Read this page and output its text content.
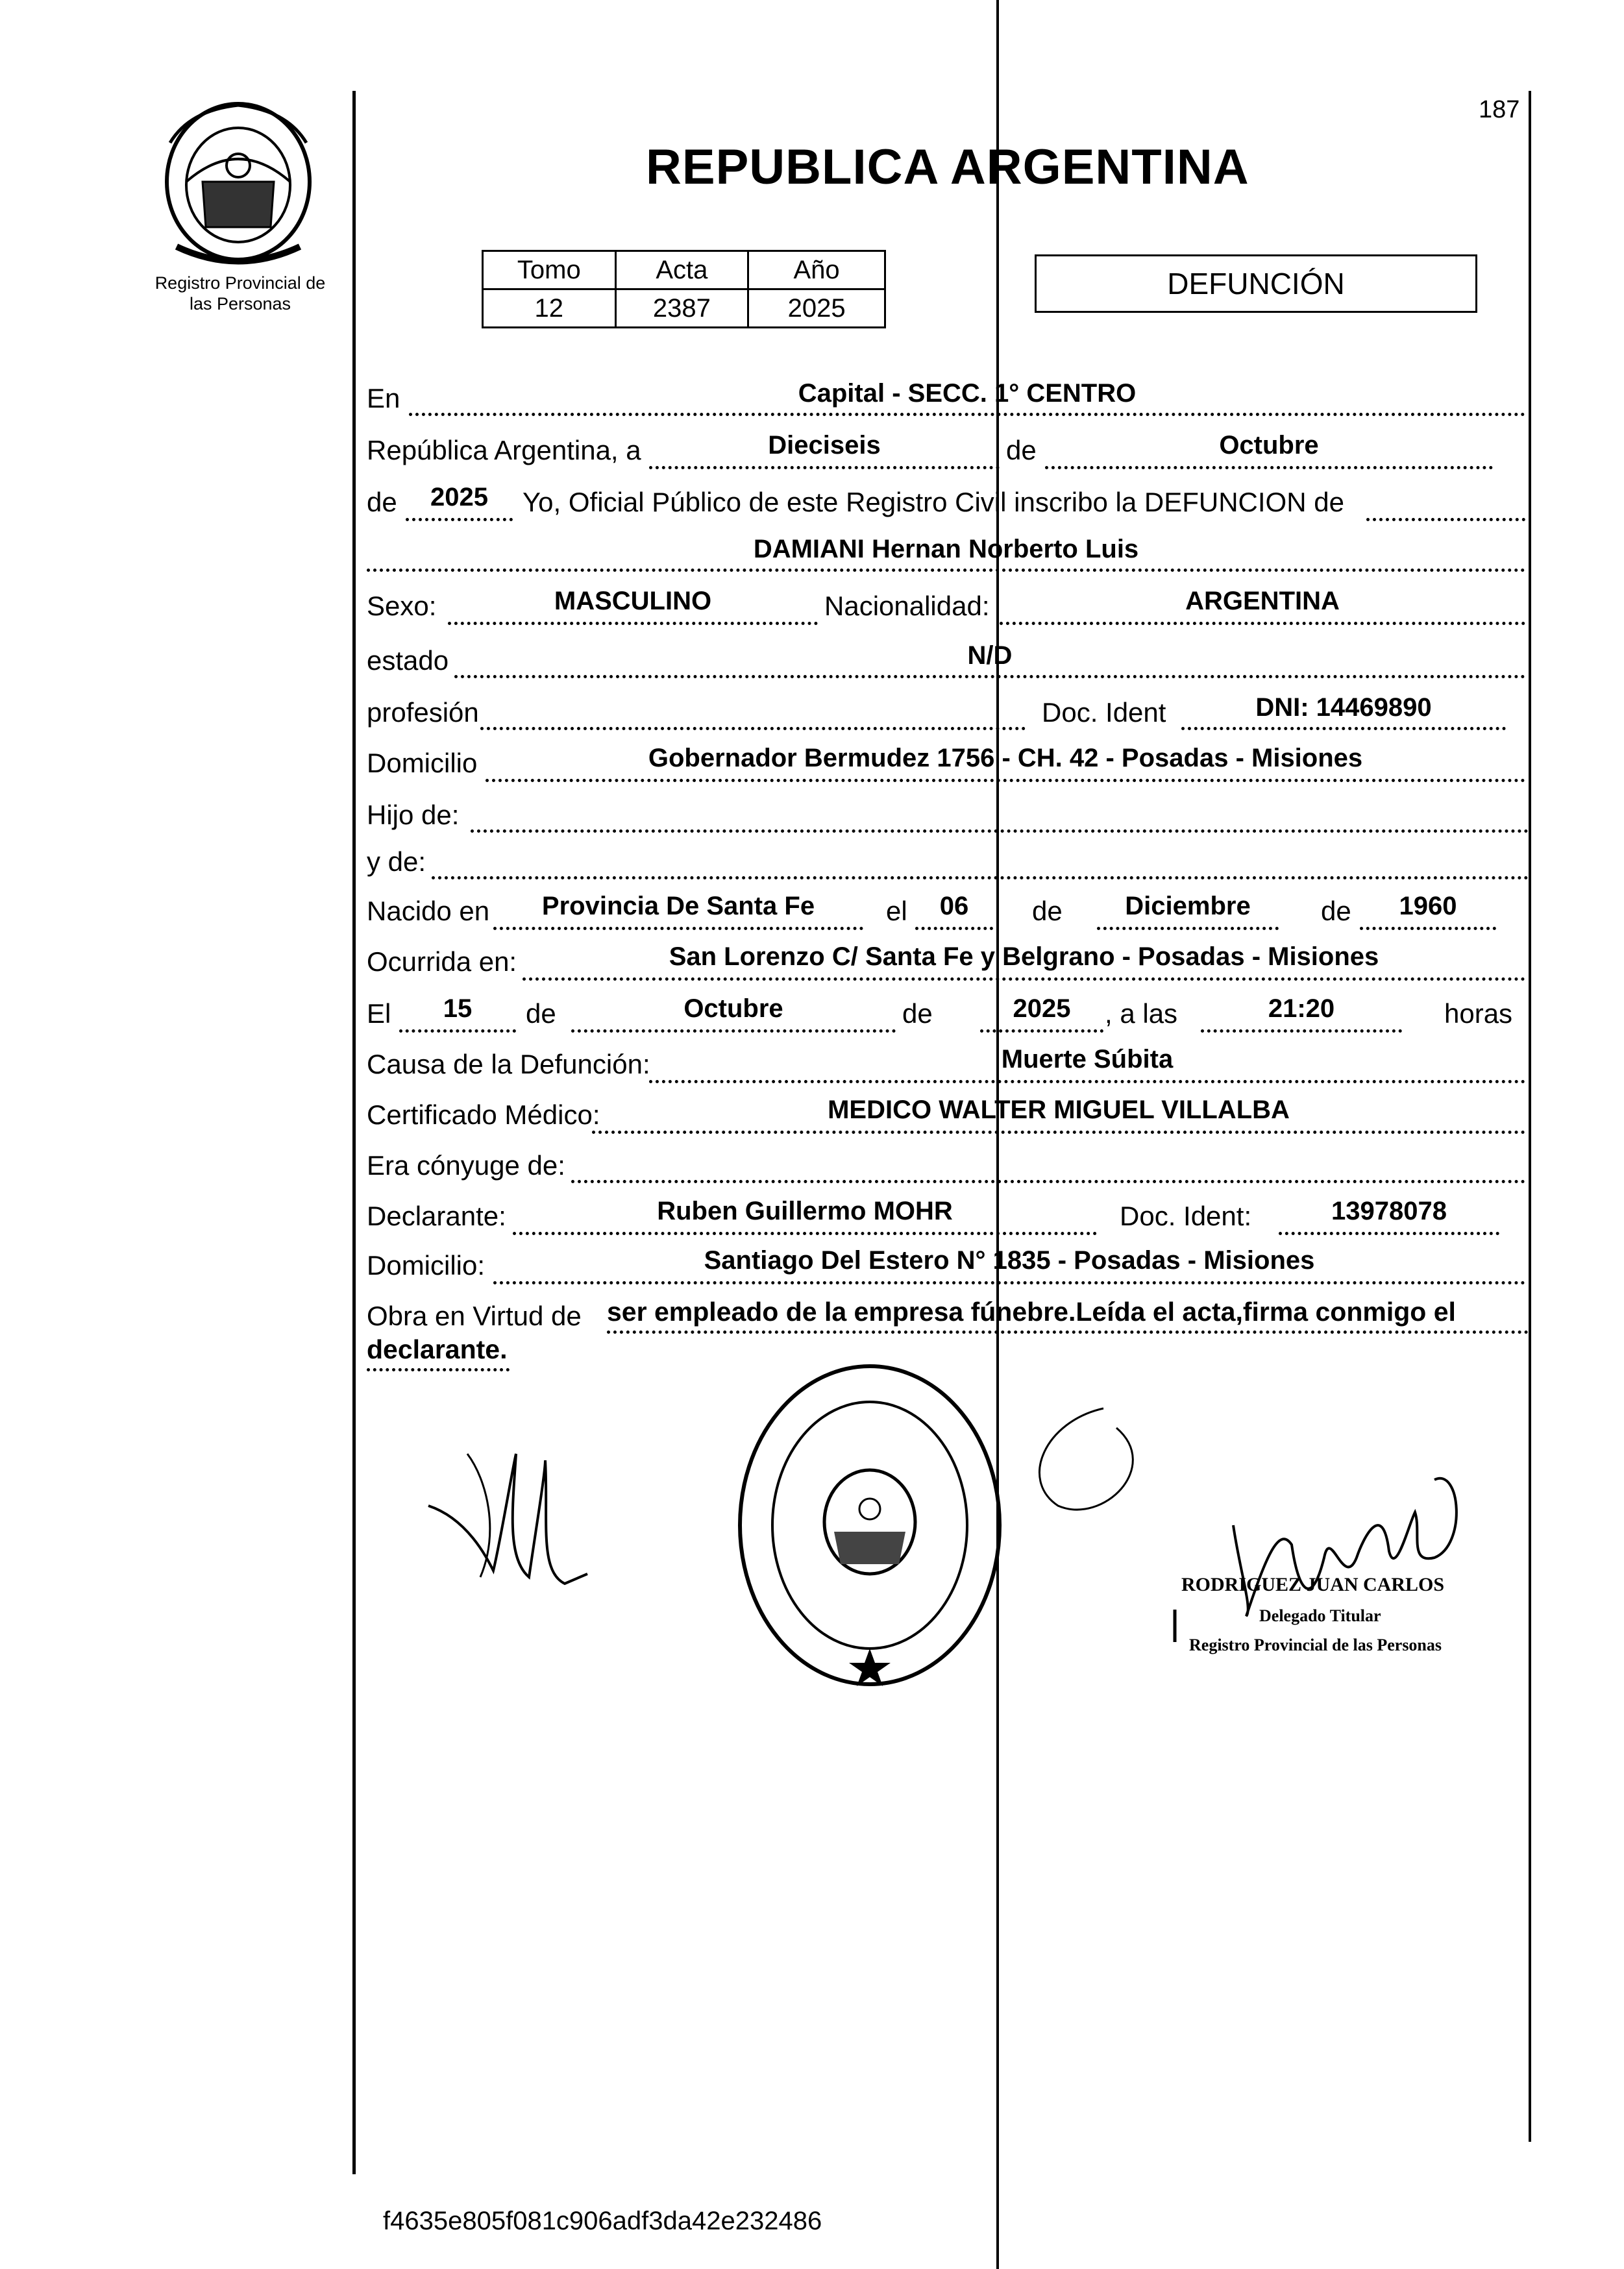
Registro Provincial de
las Personas
187
REPUBLICA ARGENTINA
Tomo	Acta	Año
12	2387	2025
DEFUNCIÓN
En	Capital - SECC. 1° CENTRO
República Argentina, a	Dieciseis	de	Octubre
de	2025	Yo, Oficial Público de este Registro Civil inscribo la DEFUNCION de
DAMIANI Hernan Norberto Luis
Sexo:	MASCULINO	Nacionalidad:	ARGENTINA
estado	N/D
profesión	Doc. Ident	DNI: 14469890
Domicilio	Gobernador Bermudez 1756 - CH. 42 - Posadas - Misiones
Hijo de:
y de:
Nacido en	Provincia De Santa Fe	el	06	de	Diciembre	de	1960
Ocurrida en:	San Lorenzo C/ Santa Fe y Belgrano - Posadas - Misiones
El	15	de	Octubre	de	2025	, a las	21:20	horas
Causa de la Defunción:	Muerte Súbita
Certificado Médico:	MEDICO WALTER MIGUEL VILLALBA
Era cónyuge de:
Declarante:	Ruben Guillermo MOHR	Doc. Ident:	13978078
Domicilio:	Santiago Del Estero N° 1835 - Posadas - Misiones
Obra en Virtud de ser empleado de la empresa fúnebre.Leída el acta,firma conmigo el
declarante.
RODRIGUEZ JUAN CARLOS
Delegado Titular
Registro Provincial de las Personas
f4635e805f081c906adf3da42e232486
